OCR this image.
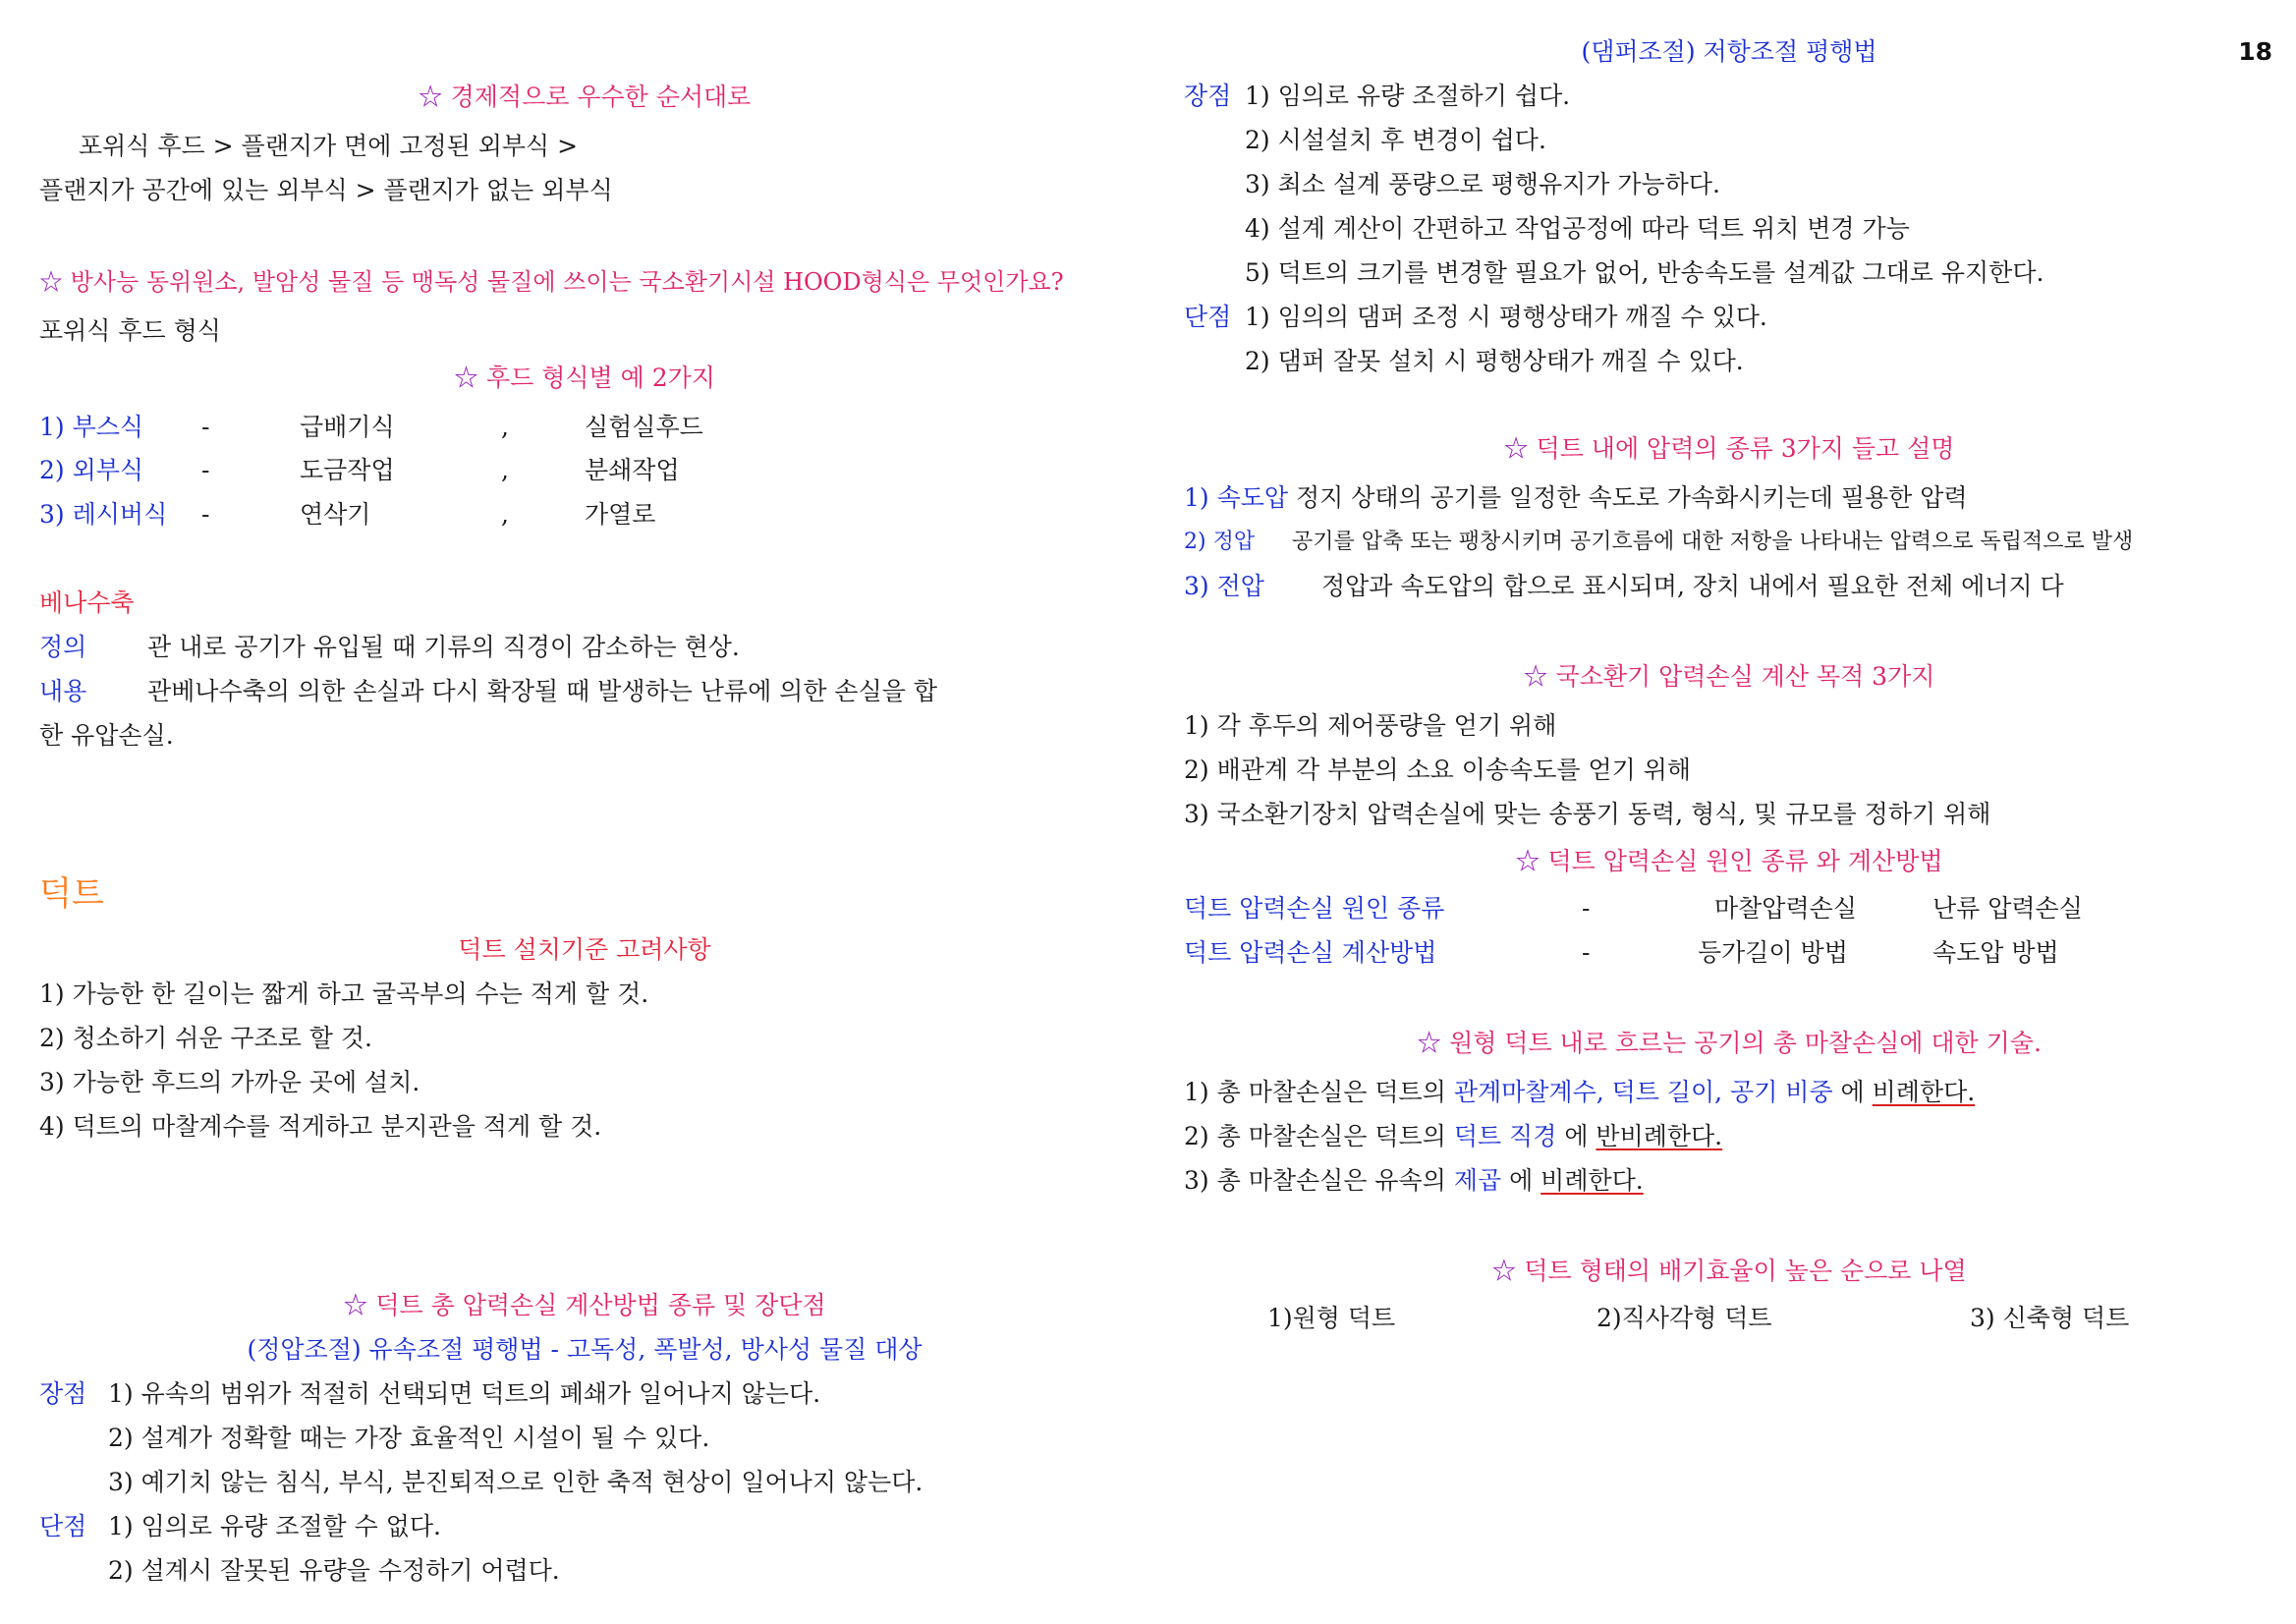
18
☆ 경제적으로 우수한 순서대로
포위식 후드 > 플랜지가 면에 고정된 외부식 >
플랜지가 공간에 있는 외부식 > 플랜지가 없는 외부식
☆ 방사능 동위원소, 발암성 물질 등 맹독성 물질에 쓰이는 국소환기시설 HOOD형식은 무엇인가요?
포위식 후드 형식
☆ 후드 형식별 예 2가지
1) 부스식 -	급배기식	,	실험실후드
2) 외부식 -	도금작업	,	분쇄작업
3) 레시버식 -	연삭기	,	가열로
베나수축
정의 관 내로 공기가 유입될 때 기류의 직경이 감소하는 현상.
내용 관베나수축의 의한 손실과 다시 확장될 때 발생하는 난류에 의한 손실을 합
한 유압손실.
덕트
덕트 설치기준 고려사항
1) 가능한 한 길이는 짧게 하고 굴곡부의 수는 적게 할 것.
2) 청소하기 쉬운 구조로 할 것.
3) 가능한 후드의 가까운 곳에 설치.
4) 덕트의 마찰계수를 적게하고 분지관을 적게 할 것.
☆ 덕트 총 압력손실 계산방법 종류 및 장단점
(정압조절) 유속조절 평행법 - 고독성, 폭발성, 방사성 물질 대상
장점 1) 유속의 범위가 적절히 선택되면 덕트의 폐쇄가 일어나지 않는다.
2) 설계가 정확할 때는 가장 효율적인 시설이 될 수 있다.
3) 예기치 않는 침식, 부식, 분진퇴적으로 인한 축적 현상이 일어나지 않는다.
단점 1) 임의로 유량 조절할 수 없다.
2) 설계시 잘못된 유량을 수정하기 어렵다.
(댐퍼조절) 저항조절 평행법
장점 1) 임의로 유량 조절하기 쉽다.
2) 시설설치 후 변경이 쉽다.
3) 최소 설계 풍량으로 평행유지가 가능하다.
4) 설계 계산이 간편하고 작업공정에 따라 덕트 위치 변경 가능
5) 덕트의 크기를 변경할 필요가 없어, 반송속도를 설계값 그대로 유지한다.
단점 1) 임의의 댐퍼 조정 시 평행상태가 깨질 수 있다.
2) 댐퍼 잘못 설치 시 평행상태가 깨질 수 있다.
☆ 덕트 내에 압력의 종류 3가지 들고 설명
1) 속도압 정지 상태의 공기를 일정한 속도로 가속화시키는데 필용한 압력
2) 정압 공기를 압축 또는 팽창시키며 공기흐름에 대한 저항을 나타내는 압력으로 독립적으로 발생
3) 전압 정압과 속도압의 합으로 표시되며, 장치 내에서 필요한 전체 에너지 다
☆ 국소환기 압력손실 계산 목적 3가지
1) 각 후두의 제어풍량을 얻기 위해
2) 배관계 각 부분의 소요 이송속도를 얻기 위해
3) 국소환기장치 압력손실에 맞는 송풍기 동력, 형식, 및 규모를 정하기 위해
☆ 덕트 압력손실 원인 종류 와 계산방법
덕트 압력손실 원인 종류	-	마찰압력손실	난류 압력손실
덕트 압력손실 계산방법	-	등가길이 방법	속도압 방법
☆ 원형 덕트 내로 흐르는 공기의 총 마찰손실에 대한 기술.
1) 총 마찰손실은 덕트의 관계마찰계수, 덕트 길이, 공기 비중 에 비례한다.
2) 총 마찰손실은 덕트의 덕트 직경 에 반비례한다.
3) 총 마찰손실은 유속의 제곱 에 비례한다.
☆ 덕트 형태의 배기효율이 높은 순으로 나열
1)원형 덕트	2)직사각형 덕트	3) 신축형 덕트
